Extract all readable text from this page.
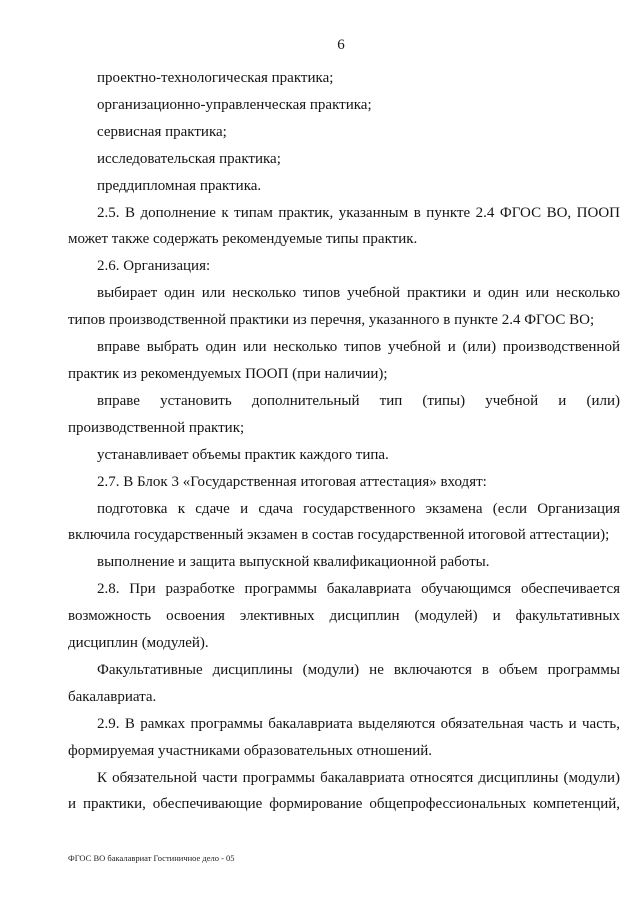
6
проектно-технологическая практика;
организационно-управленческая практика;
сервисная практика;
исследовательская практика;
преддипломная практика.
2.5. В дополнение к типам практик, указанным в пункте 2.4 ФГОС ВО, ПООП
может также содержать рекомендуемые типы практик.
2.6. Организация:
выбирает один или несколько типов учебной практики и один или несколько
типов производственной практики из перечня, указанного в пункте 2.4 ФГОС ВО;
вправе выбрать один или несколько типов учебной и (или) производственной
практик из рекомендуемых ПООП (при наличии);
вправе установить дополнительный тип (типы) учебной и (или)
производственной практик;
устанавливает объемы практик каждого типа.
2.7. В Блок 3 «Государственная итоговая аттестация» входят:
подготовка к сдаче и сдача государственного экзамена (если Организация
включила государственный экзамен в состав государственной итоговой аттестации);
выполнение и защита выпускной квалификационной работы.
2.8. При разработке программы бакалавриата обучающимся обеспечивается
возможность освоения элективных дисциплин (модулей) и факультативных
дисциплин (модулей).
Факультативные дисциплины (модули) не включаются в объем программы
бакалавриата.
2.9. В рамках программы бакалавриата выделяются обязательная часть и часть,
формируемая участниками образовательных отношений.
К обязательной части программы бакалавриата относятся дисциплины (модули)
и практики, обеспечивающие формирование общепрофессиональных компетенций,
ФГОС ВО бакалавриат Гостиничное дело - 05
